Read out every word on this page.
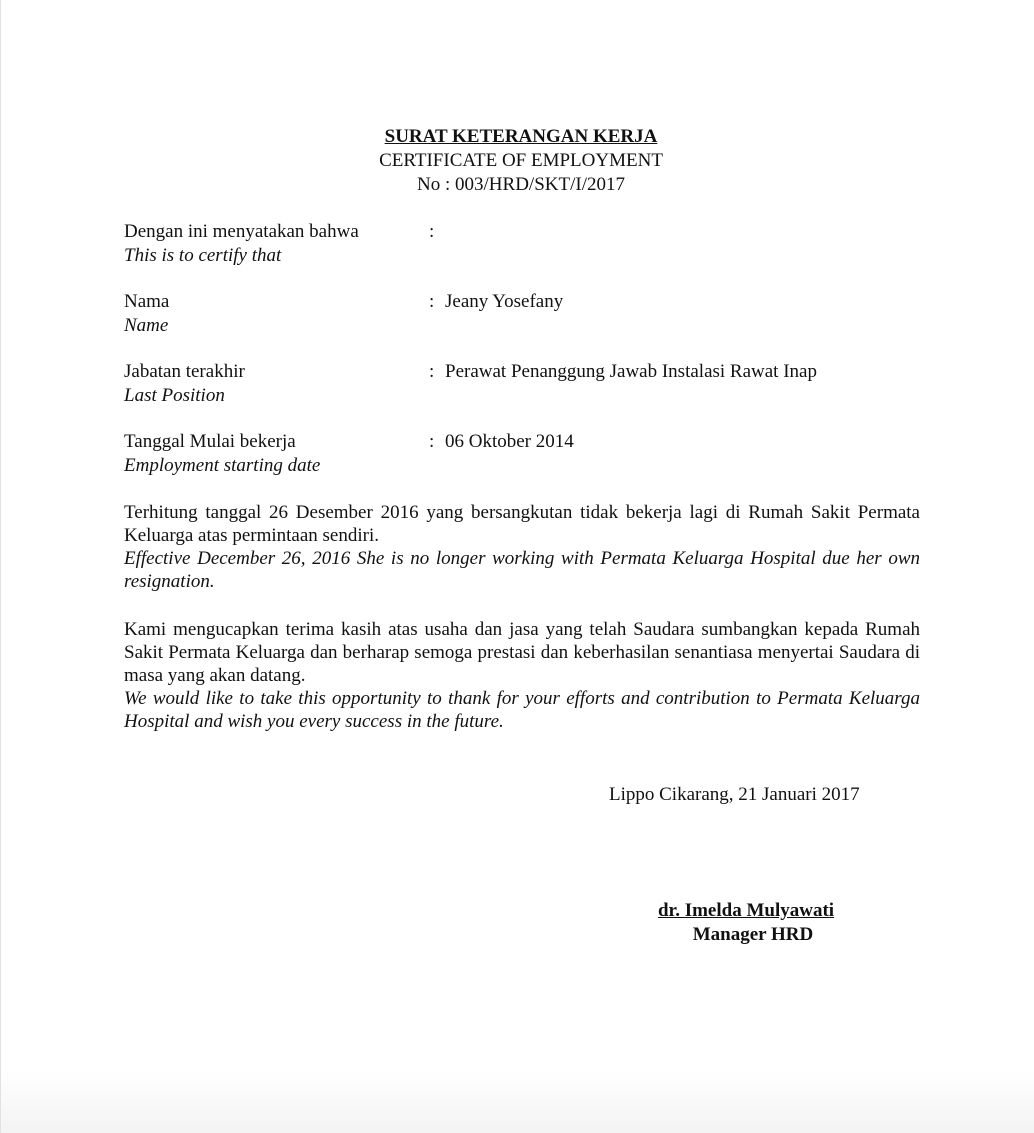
SURAT KETERANGAN KERJA
CERTIFICATE OF EMPLOYMENT
No : 003/HRD/SKT/I/2017
Dengan ini menyatakan bahwa
This is to certify that
:
Nama
Name
: Jeany Yosefany
Jabatan terakhir
Last Position
: Perawat Penanggung Jawab Instalasi Rawat Inap
Tanggal Mulai bekerja
Employment starting date
: 06 Oktober 2014

Terhitung tanggal 26 Desember 2016 yang bersangkutan tidak bekerja lagi di Rumah Sakit Permata Keluarga atas permintaan sendiri.

Effective December 26, 2016 She is no longer working with Permata Keluarga Hospital due her own resignation.

Kami mengucapkan terima kasih atas usaha dan jasa yang telah Saudara sumbangkan kepada Rumah Sakit Permata Keluarga dan berharap semoga prestasi dan keberhasilan senantiasa menyertai Saudara di masa yang akan datang.

We would like to take this opportunity to thank for your efforts and contribution to Permata Keluarga Hospital and wish you every success in the future.

Lippo Cikarang, 21 Januari 2017
dr. Imelda Mulyawati
Manager HRD
